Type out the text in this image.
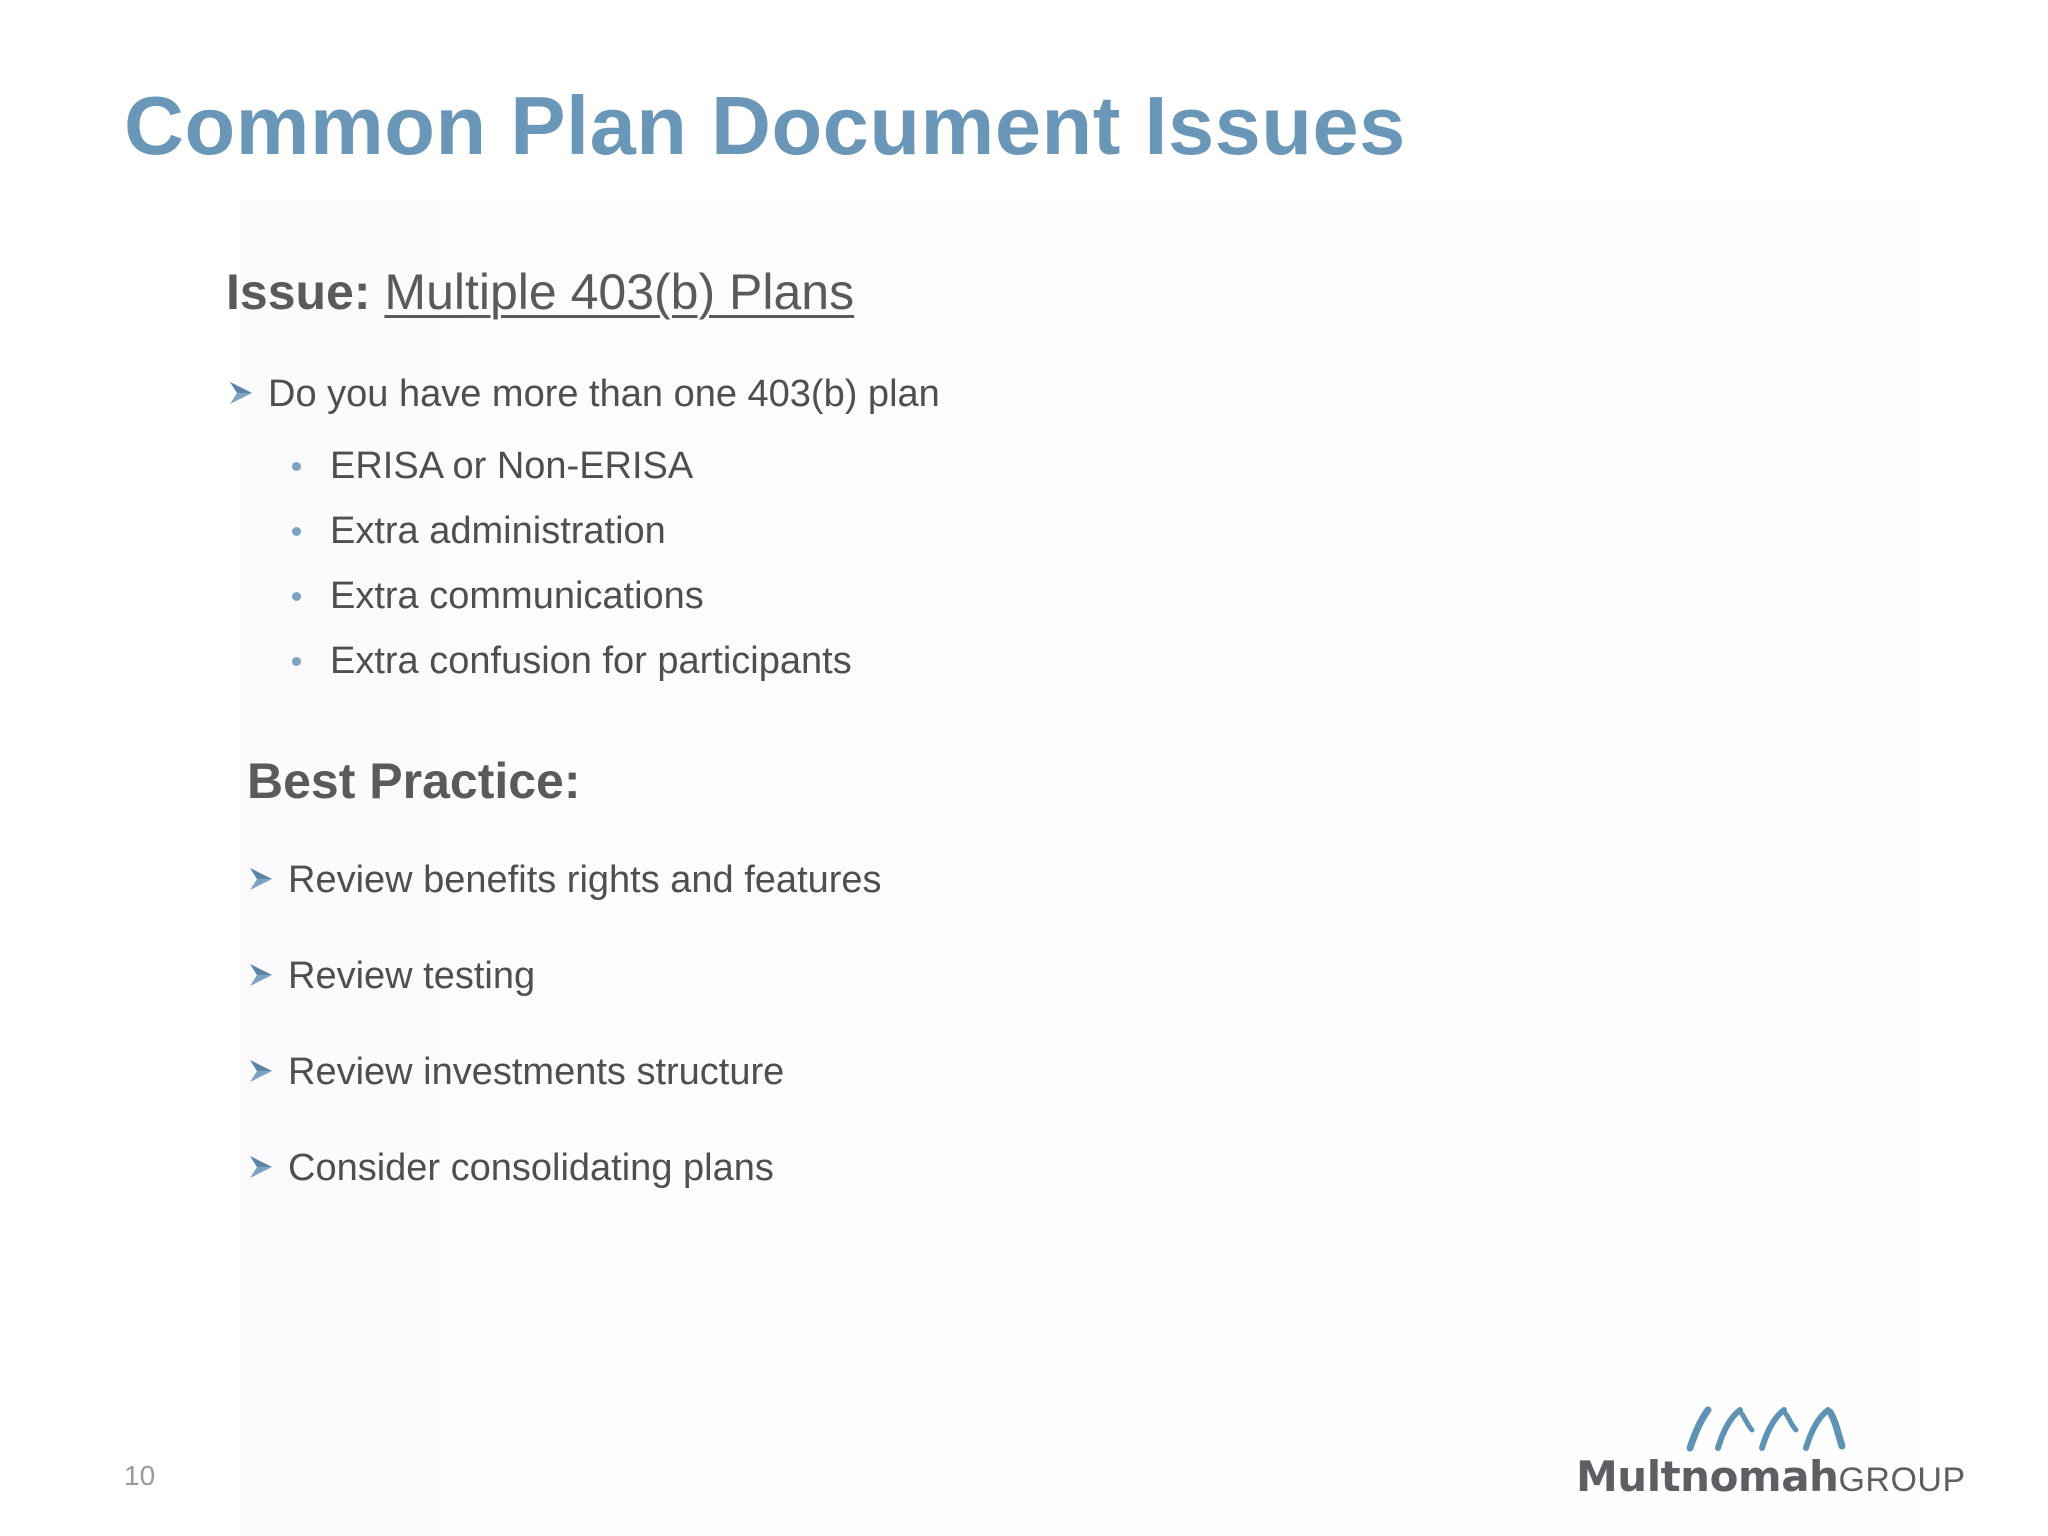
Common Plan Document Issues
Issue: Multiple 403(b) Plans
Do you have more than one 403(b) plan
ERISA or Non-ERISA
Extra administration
Extra communications
Extra confusion for participants
Best Practice:
Review benefits rights and features
Review testing
Review investments structure
Consider consolidating plans
10	MultnomahGROUP
